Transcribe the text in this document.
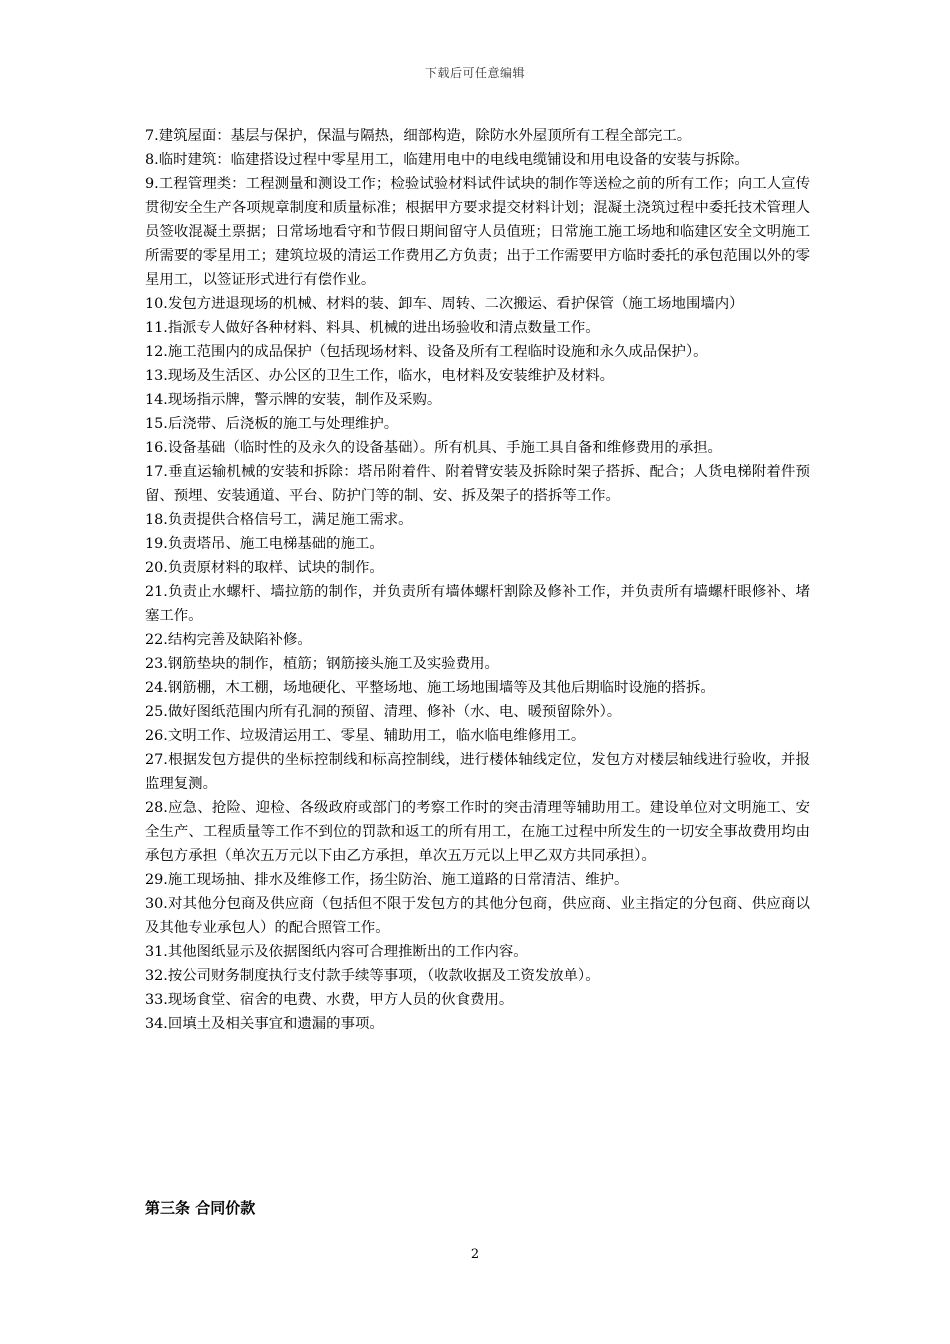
下载后可任意编辑

7.建筑屋面：基层与保护，保温与隔热，细部构造，除防水外屋顶所有工程全部完工。

8.临时建筑：临建搭设过程中零星用工，临建用电中的电线电缆铺设和用电设备的安装与拆除。

9.工程管理类：工程测量和测设工作；检验试验材料试件试块的制作等送检之前的所有工作；向工人宣传贯彻安全生产各项规章制度和质量标准；根据甲方要求提交材料计划；混凝土浇筑过程中委托技术管理人员签收混凝土票据；日常场地看守和节假日期间留守人员值班；日常施工施工场地和临建区安全文明施工所需要的零星用工；建筑垃圾的清运工作费用乙方负责；出于工作需要甲方临时委托的承包范围以外的零星用工，以签证形式进行有偿作业。

10.发包方进退现场的机械、材料的装、卸车、周转、二次搬运、看护保管（施工场地围墙内）

11.指派专人做好各种材料、料具、机械的进出场验收和清点数量工作。

12.施工范围内的成品保护（包括现场材料、设备及所有工程临时设施和永久成品保护）。

13.现场及生活区、办公区的卫生工作，临水，电材料及安装维护及材料。

14.现场指示牌，警示牌的安装，制作及采购。

15.后浇带、后浇板的施工与处理维护。

16.设备基础（临时性的及永久的设备基础）。所有机具、手施工具自备和维修费用的承担。

17.垂直运输机械的安装和拆除：塔吊附着件、附着臂安装及拆除时架子搭拆、配合；人货电梯附着件预留、预埋、安装通道、平台、防护门等的制、安、拆及架子的搭拆等工作。

18.负责提供合格信号工，满足施工需求。

19.负责塔吊、施工电梯基础的施工。

20.负责原材料的取样、试块的制作。

21.负责止水螺杆、墙拉筋的制作，并负责所有墙体螺杆割除及修补工作，并负责所有墙螺杆眼修补、堵塞工作。

22.结构完善及缺陷补修。

23.钢筋垫块的制作，植筋；钢筋接头施工及实验费用。

24.钢筋棚，木工棚，场地硬化、平整场地、施工场地围墙等及其他后期临时设施的搭拆。

25.做好图纸范围内所有孔洞的预留、清理、修补（水、电、暖预留除外）。

26.文明工作、垃圾清运用工、零星、辅助用工，临水临电维修用工。

27.根据发包方提供的坐标控制线和标高控制线，进行楼体轴线定位，发包方对楼层轴线进行验收，并报监理复测。

28.应急、抢险、迎检、各级政府或部门的考察工作时的突击清理等辅助用工。建设单位对文明施工、安全生产、工程质量等工作不到位的罚款和返工的所有用工，在施工过程中所发生的一切安全事故费用均由承包方承担（单次五万元以下由乙方承担，单次五万元以上甲乙双方共同承担）。

29.施工现场抽、排水及维修工作，扬尘防治、施工道路的日常清洁、维护。

30.对其他分包商及供应商（包括但不限于发包方的其他分包商，供应商、业主指定的分包商、供应商以及其他专业承包人）的配合照管工作。

31.其他图纸显示及依据图纸内容可合理推断出的工作内容。

32.按公司财务制度执行支付款手续等事项，（收款收据及工资发放单）。

33.现场食堂、宿舍的电费、水费，甲方人员的伙食费用。

34.回填土及相关事宜和遗漏的事项。

第三条 合同价款
2
